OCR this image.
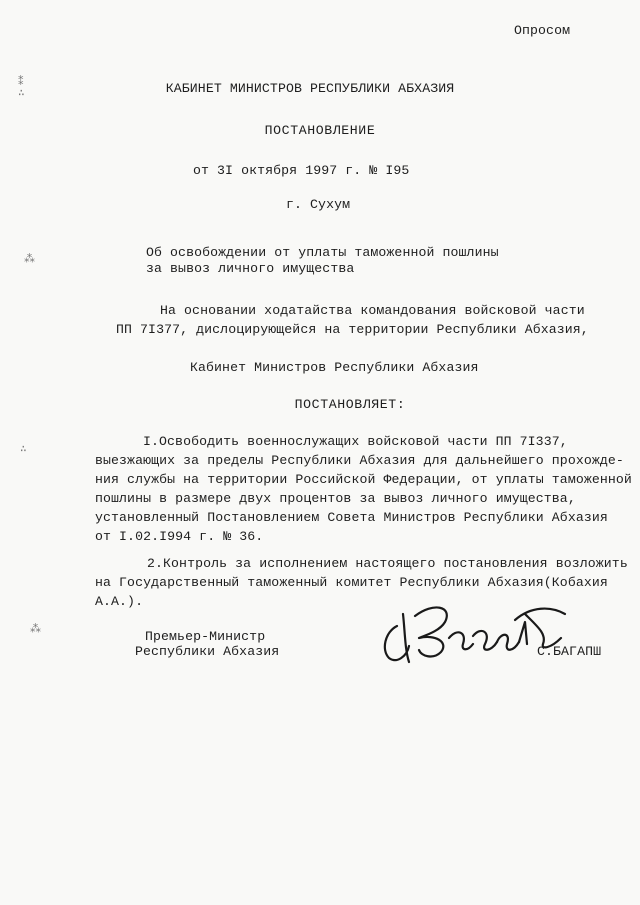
⁑
∴
⁂
∴
⁂
Опросом
КАБИНЕТ МИНИСТРОВ РЕСПУБЛИКИ АБХАЗИЯ
ПОСТАНОВЛЕНИЕ
от 3I октября 1997 г. № I95
г. Сухум
Об освобождении от уплаты таможенной пошлины
за вывоз личного имущества
На основании ходатайства командования войсковой части
ПП 7I377, дислоцирующейся на территории Республики Абхазия,
Кабинет Министров Республики Абхазия
ПОСТАНОВЛЯЕТ:
I.Освободить военнослужащих войсковой части ПП 7I337,
выезжающих за пределы Республики Абхазия для дальнейшего прохожде-
ния службы на территории Российской Федерации, от уплаты таможенной
пошлины в размере двух процентов за вывоз личного имущества,
установленный Постановлением Совета Министров Республики Абхазия
от I.02.I994 г. № 36.
2.Контроль за исполнением настоящего постановления возложить
на Государственный таможенный комитет Республики Абхазия(Кобахия
А.А.).
Премьер-Министр
Республики Абхазия	С.БАГАПШ
